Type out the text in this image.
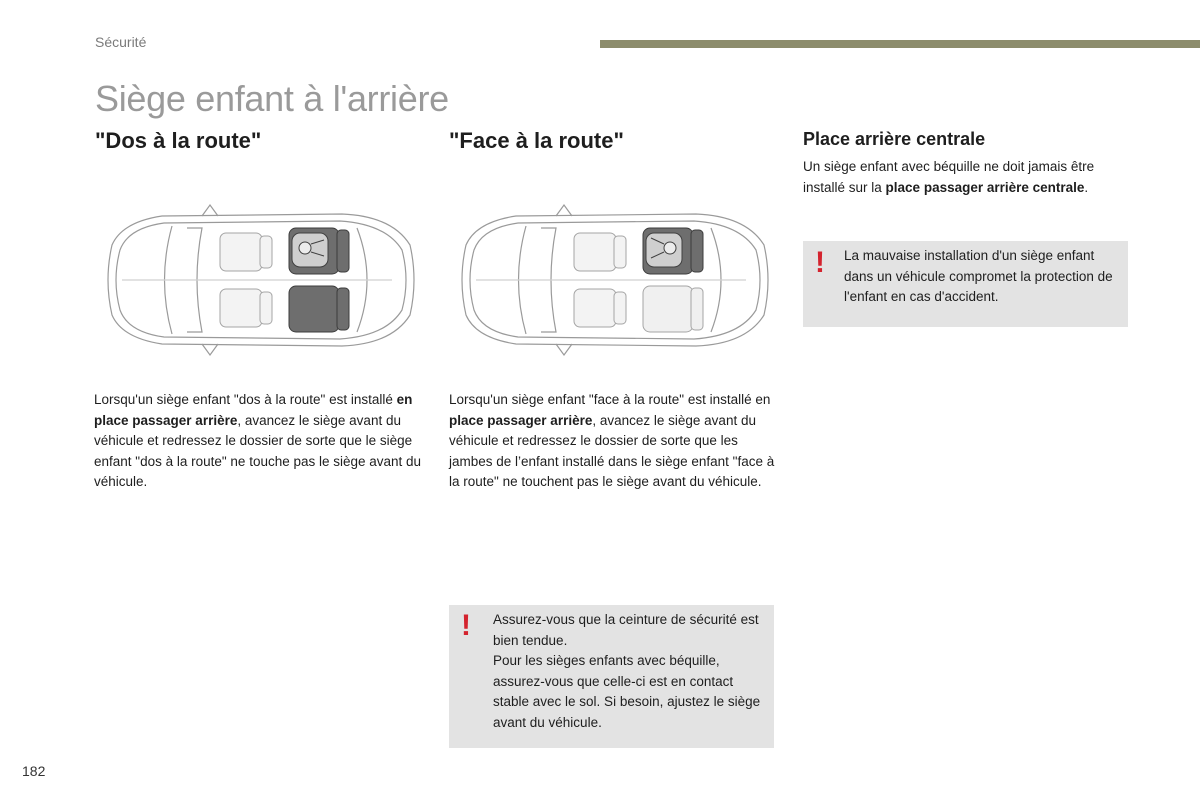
Sécurité
Siège enfant à l'arrière
"Dos à la route"
Lorsqu'un siège enfant "dos à la route" est installé en place passager arrière, avancez le siège avant du véhicule et redressez le dossier de sorte que le siège enfant "dos à la route" ne touche pas le siège avant du véhicule.
"Face à la route"
Lorsqu'un siège enfant "face à la route" est installé en place passager arrière, avancez le siège avant du véhicule et redressez le dossier de sorte que les jambes de l’enfant installé dans le siège enfant "face à la route" ne touchent pas le siège avant du véhicule.
! Assurez-vous que la ceinture de sécurité est bien tendue.
Pour les sièges enfants avec béquille, assurez-vous que celle-ci est en contact stable avec le sol. Si besoin, ajustez le siège avant du véhicule.
Place arrière centrale
Un siège enfant avec béquille ne doit jamais être installé sur la place passager arrière centrale.
! La mauvaise installation d'un siège enfant dans un véhicule compromet la protection de l'enfant en cas d'accident.
182
